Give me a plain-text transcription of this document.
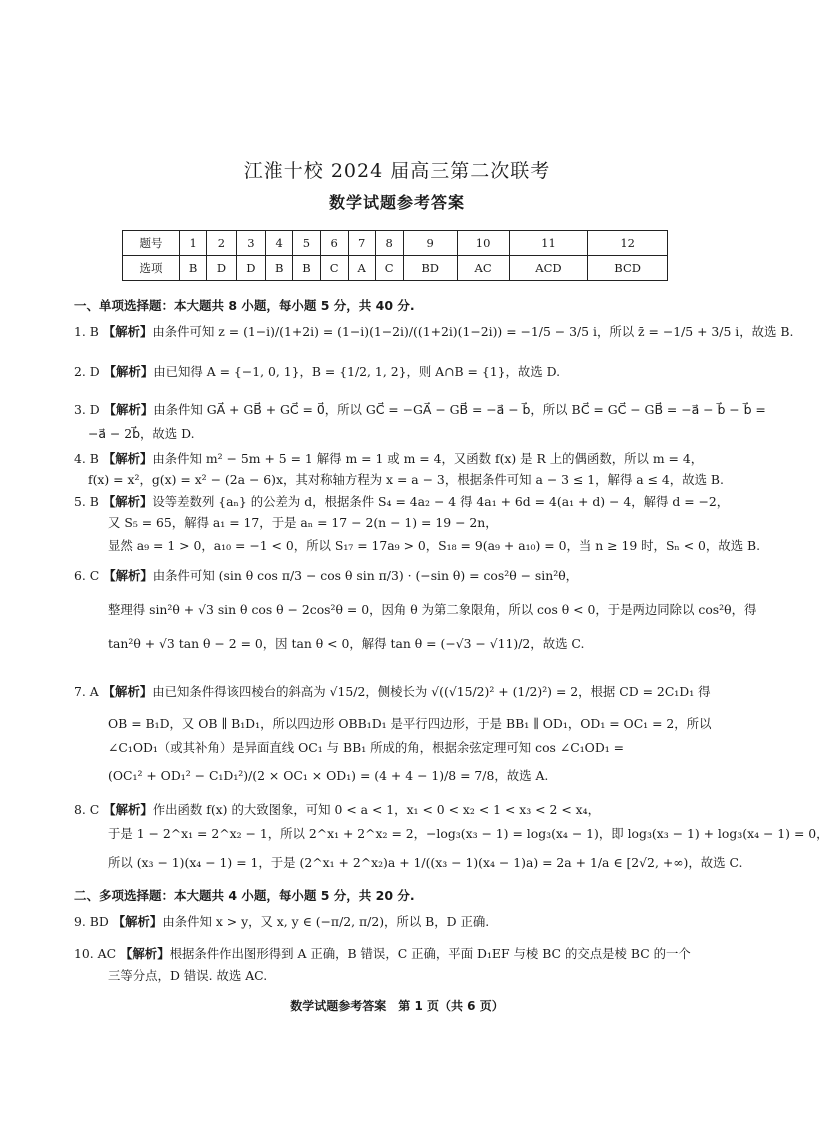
江淮十校 2024 届高三第二次联考
数学试题参考答案
题号	1	2	3	4	5	6	7	8	9	10	11	12
选项	B	D	D	B	B	C	A	C	BD	AC	ACD	BCD
一、单项选择题：本大题共 8 小题，每小题 5 分，共 40 分.
1. B 【解析】由条件可知 z = (1−i)/(1+2i) = (1−i)(1−2i)/((1+2i)(1−2i)) = −1/5 − 3/5 i，所以 z̄ = −1/5 + 3/5 i，故选 B.
2. D 【解析】由已知得 A = {−1, 0, 1}，B = {1/2, 1, 2}，则 A∩B = {1}，故选 D.
3. D 【解析】由条件知 GA⃗ + GB⃗ + GC⃗ = 0⃗，所以 GC⃗ = −GA⃗ − GB⃗ = −a⃗ − b⃗，所以 BC⃗ = GC⃗ − GB⃗ = −a⃗ − b⃗ − b⃗ =
−a⃗ − 2b⃗，故选 D.
4. B 【解析】由条件知 m² − 5m + 5 = 1 解得 m = 1 或 m = 4，又函数 f(x) 是 R 上的偶函数，所以 m = 4，
f(x) = x²，g(x) = x² − (2a − 6)x，其对称轴方程为 x = a − 3，根据条件可知 a − 3 ≤ 1，解得 a ≤ 4，故选 B.
5. B 【解析】设等差数列 {aₙ} 的公差为 d，根据条件 S₄ = 4a₂ − 4 得 4a₁ + 6d = 4(a₁ + d) − 4，解得 d = −2，
又 S₅ = 65，解得 a₁ = 17，于是 aₙ = 17 − 2(n − 1) = 19 − 2n，
显然 a₉ = 1 > 0，a₁₀ = −1 < 0，所以 S₁₇ = 17a₉ > 0，S₁₈ = 9(a₉ + a₁₀) = 0，当 n ≥ 19 时，Sₙ < 0，故选 B.
6. C 【解析】由条件可知 (sin θ cos π/3 − cos θ sin π/3) · (−sin θ) = cos²θ − sin²θ，
整理得 sin²θ + √3 sin θ cos θ − 2cos²θ = 0，因角 θ 为第二象限角，所以 cos θ < 0，于是两边同除以 cos²θ，得
tan²θ + √3 tan θ − 2 = 0，因 tan θ < 0，解得 tan θ = (−√3 − √11)/2，故选 C.
7. A 【解析】由已知条件得该四棱台的斜高为 √15/2，侧棱长为 √((√15/2)² + (1/2)²) = 2，根据 CD = 2C₁D₁ 得
OB = B₁D，又 OB ∥ B₁D₁，所以四边形 OBB₁D₁ 是平行四边形，于是 BB₁ ∥ OD₁，OD₁ = OC₁ = 2，所以
∠C₁OD₁（或其补角）是异面直线 OC₁ 与 BB₁ 所成的角，根据余弦定理可知 cos ∠C₁OD₁ =
(OC₁² + OD₁² − C₁D₁²)/(2 × OC₁ × OD₁) = (4 + 4 − 1)/8 = 7/8，故选 A.
8. C 【解析】作出函数 f(x) 的大致图象，可知 0 < a < 1，x₁ < 0 < x₂ < 1 < x₃ < 2 < x₄，
于是 1 − 2^x₁ = 2^x₂ − 1，所以 2^x₁ + 2^x₂ = 2，−log₃(x₃ − 1) = log₃(x₄ − 1)，即 log₃(x₃ − 1) + log₃(x₄ − 1) = 0，
所以 (x₃ − 1)(x₄ − 1) = 1，于是 (2^x₁ + 2^x₂)a + 1/((x₃ − 1)(x₄ − 1)a) = 2a + 1/a ∈ [2√2, +∞)，故选 C.
二、多项选择题：本大题共 4 小题，每小题 5 分，共 20 分.
9. BD 【解析】由条件知 x > y，又 x, y ∈ (−π/2, π/2)，所以 B，D 正确.
10. AC 【解析】根据条件作出图形得到 A 正确，B 错误，C 正确，平面 D₁EF 与棱 BC 的交点是棱 BC 的一个
三等分点，D 错误. 故选 AC.
数学试题参考答案　第 1 页（共 6 页）
